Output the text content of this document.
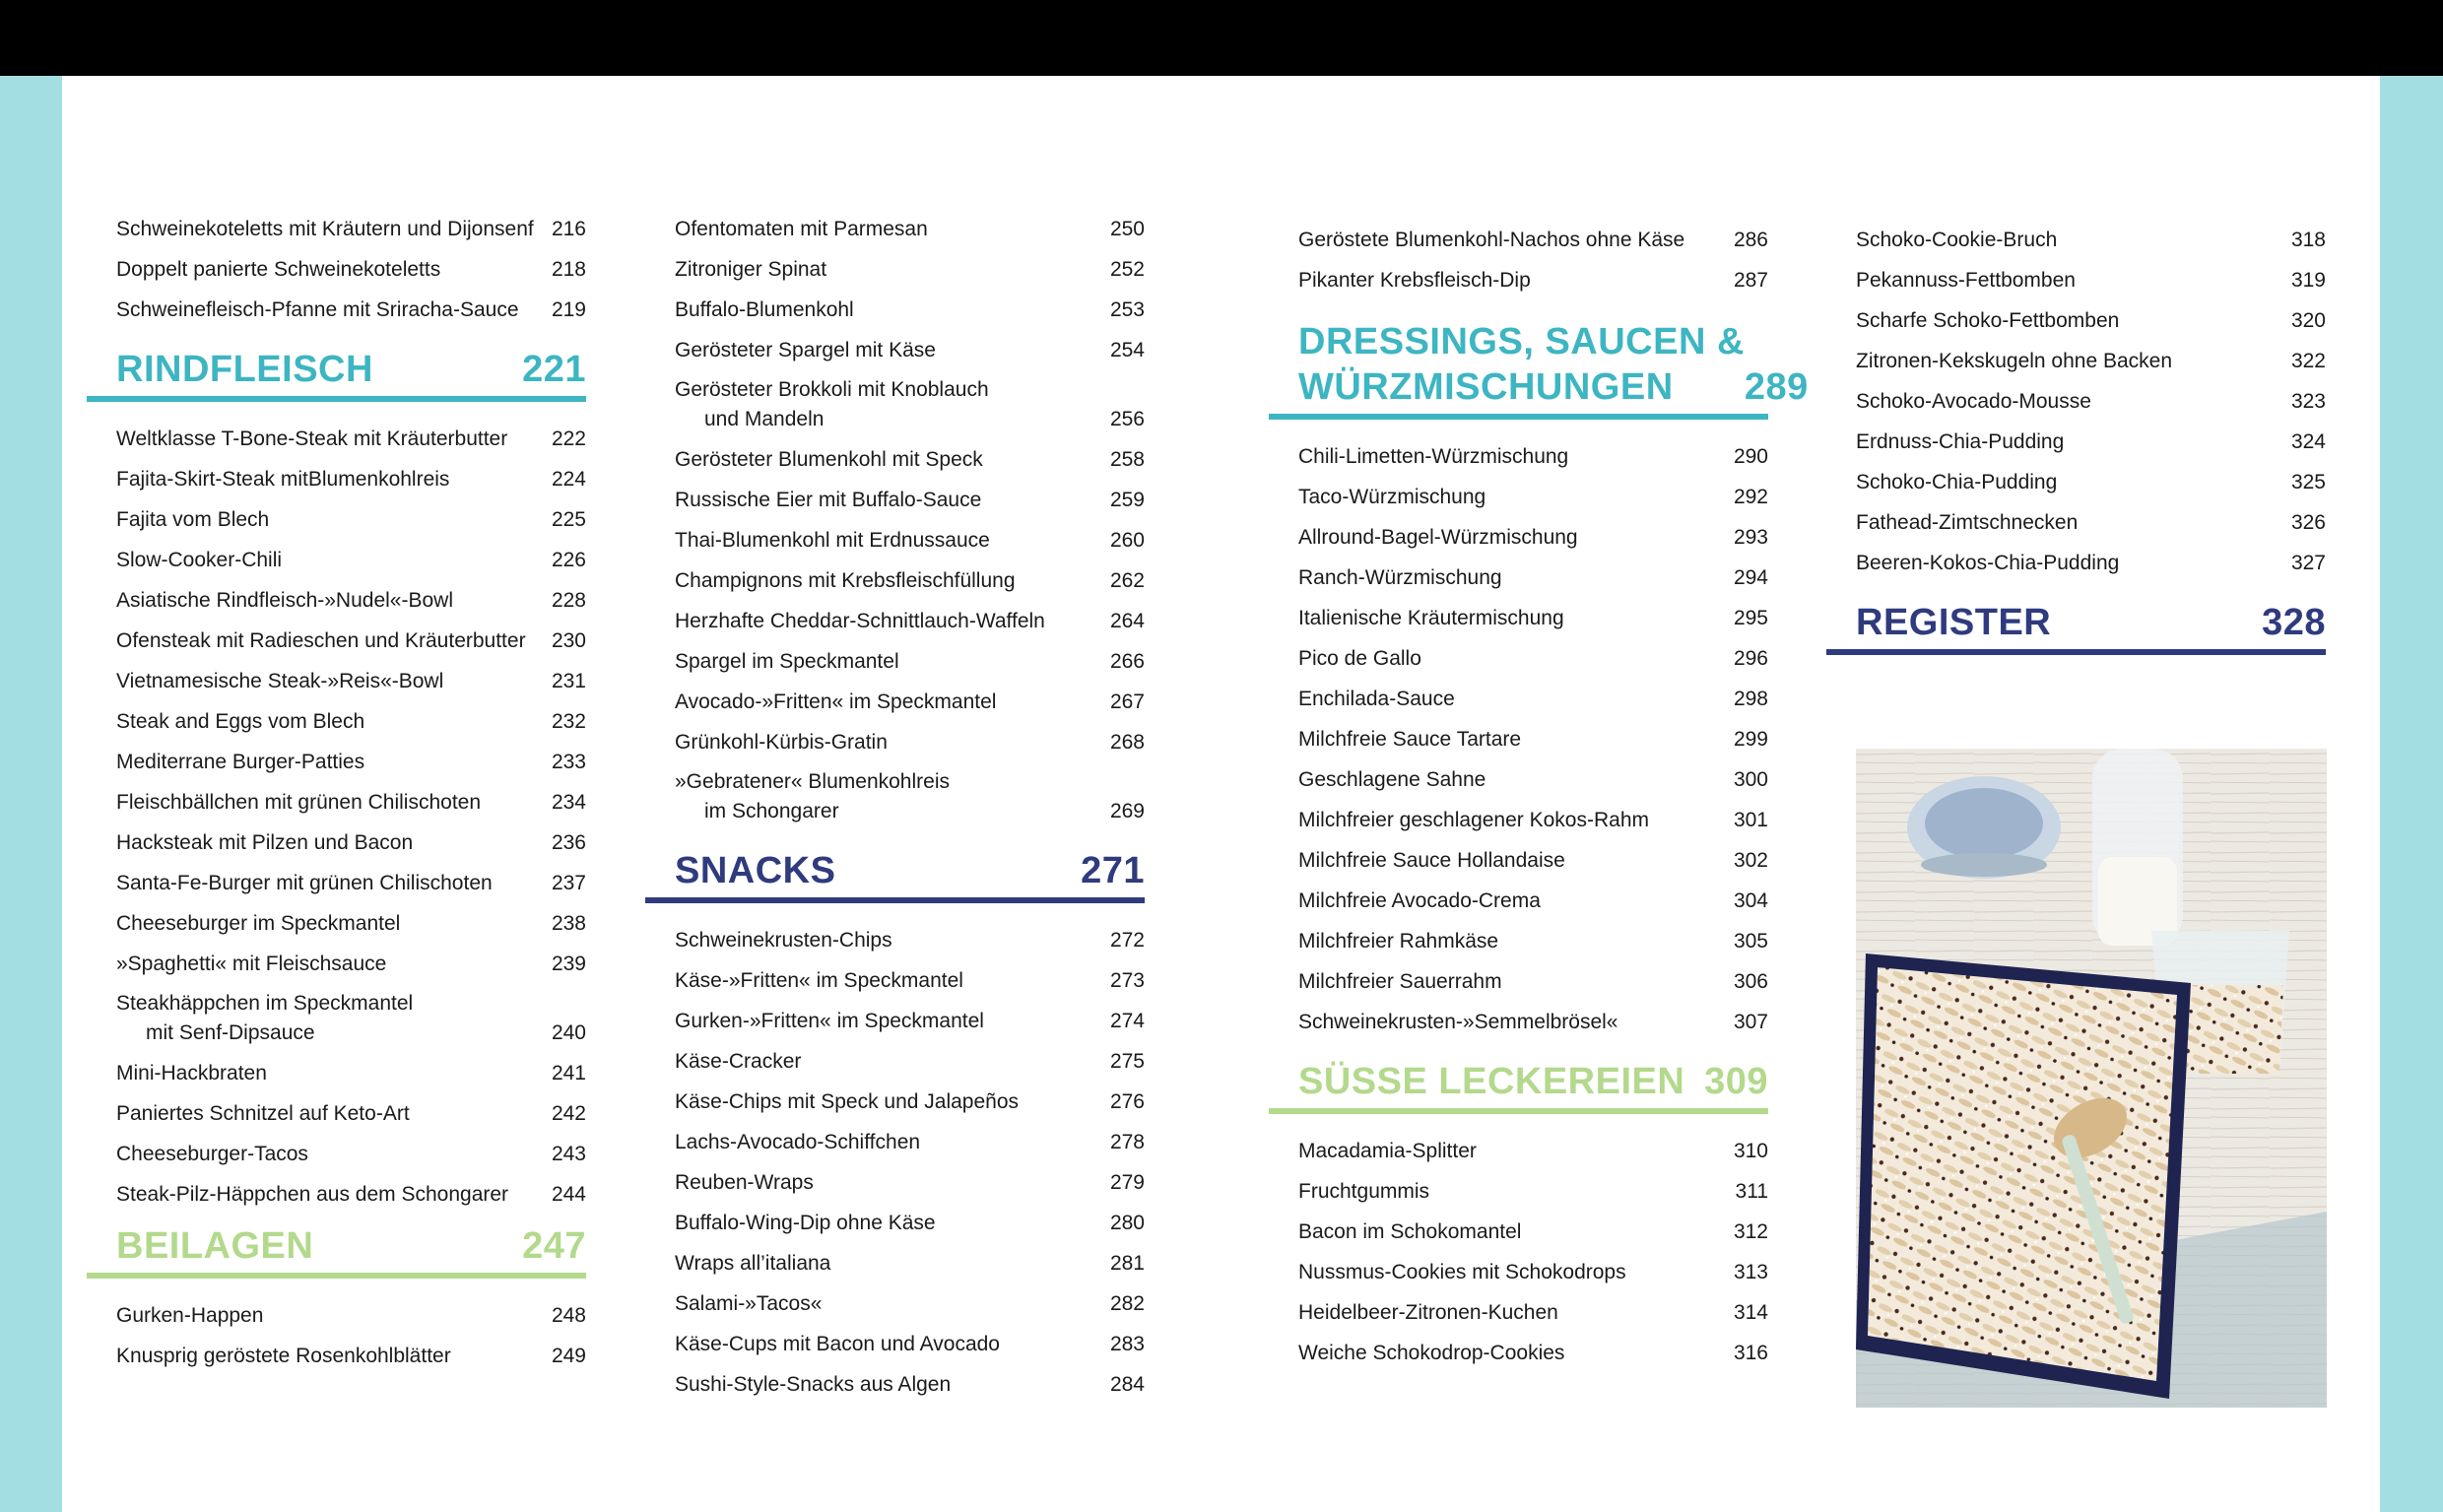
Schweinekoteletts mit Kräutern und Dijonsenf 216
Doppelt panierte Schweinekoteletts	218
Schweinefleisch-Pfanne mit Sriracha-Sauce	219
RINDFLEISCH	221
Weltklasse T-Bone-Steak mit Kräuterbutter	222
Fajita-Skirt-Steak mitBlumenkohlreis	224
Fajita vom Blech	225
Slow-Cooker-Chili	226
Asiatische Rindfleisch-»Nudel«-Bowl	228
Ofensteak mit Radieschen und Kräuterbutter	230
Vietnamesische Steak-»Reis«-Bowl	231
Steak and Eggs vom Blech	232
Mediterrane Burger-Patties	233
Fleischbällchen mit grünen Chilischoten	234
Hacksteak mit Pilzen und Bacon	236
Santa-Fe-Burger mit grünen Chilischoten	237
Cheeseburger im Speckmantel	238
»Spaghetti« mit Fleischsauce	239
Steakhäppchen im Speckmantel
mit Senf-Dipsauce	240
Mini-Hackbraten	241
Paniertes Schnitzel auf Keto-Art	242
Cheeseburger-Tacos	243
Steak-Pilz-Häppchen aus dem Schongarer	244
BEILAGEN	247
Gurken-Happen	248
Knusprig geröstete Rosenkohlblätter	249
Ofentomaten mit Parmesan	250
Zitroniger Spinat	252
Buffalo-Blumenkohl	253
Gerösteter Spargel mit Käse	254
Gerösteter Brokkoli mit Knoblauch
und Mandeln	256
Gerösteter Blumenkohl mit Speck	258
Russische Eier mit Buffalo-Sauce	259
Thai-Blumenkohl mit Erdnussauce	260
Champignons mit Krebsfleischfüllung	262
Herzhafte Cheddar-Schnittlauch-Waffeln	264
Spargel im Speckmantel	266
Avocado-»Fritten« im Speckmantel	267
Grünkohl-Kürbis-Gratin	268
»Gebratener« Blumenkohlreis
im Schongarer	269
SNACKS	271
Schweinekrusten-Chips	272
Käse-»Fritten« im Speckmantel	273
Gurken-»Fritten« im Speckmantel	274
Käse-Cracker	275
Käse-Chips mit Speck und Jalapeños	276
Lachs-Avocado-Schiffchen	278
Reuben-Wraps	279
Buffalo-Wing-Dip ohne Käse	280
Wraps all’italiana	281
Salami-»Tacos«	282
Käse-Cups mit Bacon und Avocado	283
Sushi-Style-Snacks aus Algen	284
Geröstete Blumenkohl-Nachos ohne Käse	286
Pikanter Krebsfleisch-Dip	287
DRESSINGS, SAUCEN &
WÜRZMISCHUNGEN	289
Chili-Limetten-Würzmischung	290
Taco-Würzmischung	292
Allround-Bagel-Würzmischung	293
Ranch-Würzmischung	294
Italienische Kräutermischung	295
Pico de Gallo	296
Enchilada-Sauce	298
Milchfreie Sauce Tartare	299
Geschlagene Sahne	300
Milchfreier geschlagener Kokos-Rahm	301
Milchfreie Sauce Hollandaise	302
Milchfreie Avocado-Crema	304
Milchfreier Rahmkäse	305
Milchfreier Sauerrahm	306
Schweinekrusten-»Semmelbrösel«	307
SÜSSE LECKEREIEN 309
Macadamia-Splitter	310
Fruchtgummis	311
Bacon im Schokomantel	312
Nussmus-Cookies mit Schokodrops	313
Heidelbeer-Zitronen-Kuchen	314
Weiche Schokodrop-Cookies	316
Schoko-Cookie-Bruch	318
Pekannuss-Fettbomben	319
Scharfe Schoko-Fettbomben	320
Zitronen-Kekskugeln ohne Backen	322
Schoko-Avocado-Mousse	323
Erdnuss-Chia-Pudding	324
Schoko-Chia-Pudding	325
Fathead-Zimtschnecken	326
Beeren-Kokos-Chia-Pudding	327
REGISTER	328
